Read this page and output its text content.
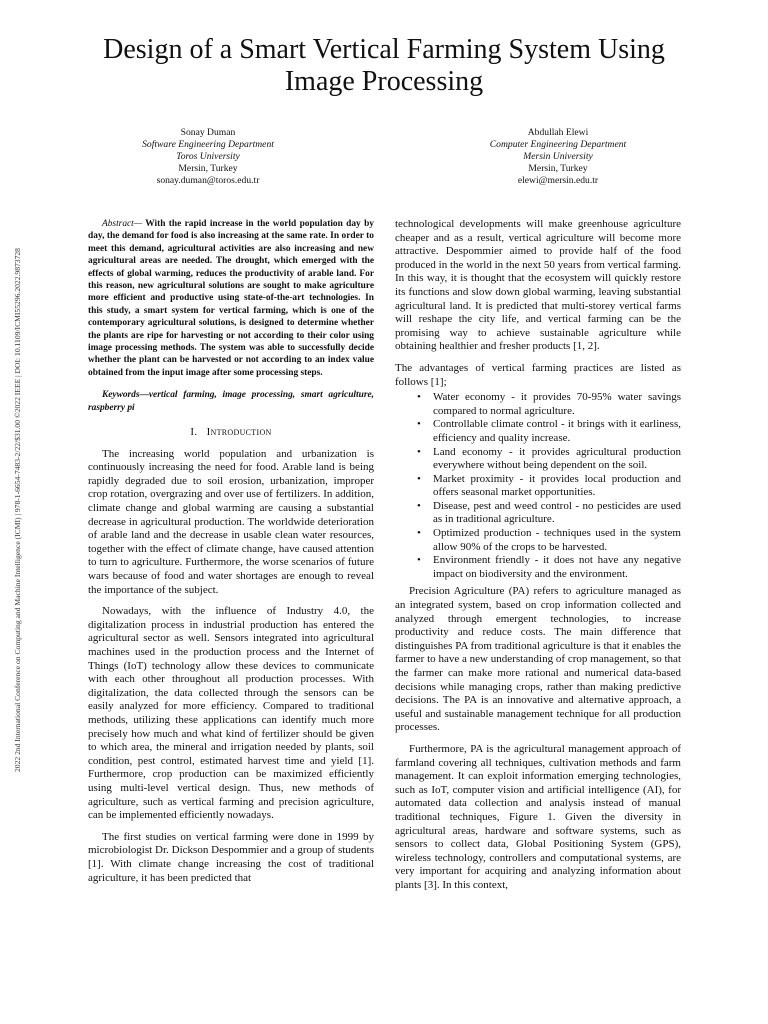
2022 2nd International Conference on Computing and Machine Intelligence (ICMI) | 978-1-6654-7483-2/22/$31.00 ©2022 IEEE | DOI: 10.1109/ICMI55296.2022.9873728
Design of a Smart Vertical Farming System Using Image Processing
Sonay Duman
Software Engineering Department
Toros University
Mersin, Turkey
sonay.duman@toros.edu.tr
Abdullah Elewi
Computer Engineering Department
Mersin University
Mersin, Turkey
elewi@mersin.edu.tr

Abstract— With the rapid increase in the world population day by day, the demand for food is also increasing at the same rate. In order to meet this demand, agricultural activities are also increasing and new agricultural areas are needed. The drought, which emerged with the effects of global warming, reduces the productivity of arable land. For this reason, new agricultural solutions are sought to make agriculture more efficient and productive using state-of-the-art technologies. In this study, a smart system for vertical farming, which is one of the contemporary agricultural solutions, is designed to determine whether the plants are ripe for harvesting or not according to their color using image processing methods. The system was able to successfully decide whether the plant can be harvested or not according to an index value obtained from the input image after some processing steps.

Keywords—vertical farming, image processing, smart agriculture, raspberry pi

I. Introduction

The increasing world population and urbanization is continuously increasing the need for food. Arable land is being rapidly degraded due to soil erosion, urbanization, improper crop rotation, overgrazing and over use of fertilizers. In addition, climate change and global warming are causing a substantial decrease in agricultural production. The worldwide deterioration of arable land and the decrease in usable clean water resources, together with the effect of climate change, have caused attention to turn to agriculture. Furthermore, the worse scenarios of future wars because of food and water shortages are enough to reveal the importance of the subject.

Nowadays, with the influence of Industry 4.0, the digitalization process in industrial production has entered the agricultural sector as well. Sensors integrated into agricultural machines used in the production process and the Internet of Things (IoT) technology allow these devices to communicate with each other throughout all production processes. With digitalization, the data collected through the sensors can be easily analyzed for more efficiency. Compared to traditional methods, utilizing these applications can identify much more precisely how much and what kind of fertilizer should be given to which area, the mineral and irrigation needed by plants, soil condition, pest control, estimated harvest time and yield [1]. Furthermore, crop production can be maximized efficiently using multi-level vertical design. Thus, new methods of agriculture, such as vertical farming and precision agriculture, can be implemented efficiently nowadays.

The first studies on vertical farming were done in 1999 by microbiologist Dr. Dickson Despommier and a group of students [1]. With climate change increasing the cost of traditional agriculture, it has been predicted that

technological developments will make greenhouse agriculture cheaper and as a result, vertical agriculture will become more attractive. Despommier aimed to provide half of the food produced in the world in the next 50 years from vertical farming. In this way, it is thought that the ecosystem will quickly restore its functions and slow down global warming, leaving substantial agricultural land. It is predicted that multi-storey vertical farms will reshape the city life, and vertical farming can be the promising way to achieve sustainable agriculture while obtaining healthier and fresher products [1, 2].

The advantages of vertical farming practices are listed as follows [1];

• Water economy - it provides 70-95% water savings compared to normal agriculture.
• Controllable climate control - it brings with it earliness, efficiency and quality increase.
• Land economy - it provides agricultural production everywhere without being dependent on the soil.
• Market proximity - it provides local production and offers seasonal market opportunities.
• Disease, pest and weed control - no pesticides are used as in traditional agriculture.
• Optimized production - techniques used in the system allow 90% of the crops to be harvested.
• Environment friendly - it does not have any negative impact on biodiversity and the environment.

Precision Agriculture (PA) refers to agriculture managed as an integrated system, based on crop information collected and analyzed through emergent technologies, to increase productivity and reduce costs. The main difference that distinguishes PA from traditional agriculture is that it enables the farmer to have a new understanding of crop management, so that the farmer can make more rational and numerical data-based decisions while managing crops, rather than making predictive decisions. The PA is an innovative and alternative approach, a useful and sustainable management technique for all production processes.

Furthermore, PA is the agricultural management approach of farmland covering all techniques, cultivation methods and farm management. It can exploit information emerging technologies, such as IoT, computer vision and artificial intelligence (AI), for automated data collection and analysis instead of manual traditional techniques, Figure 1. Given the diversity in agricultural areas, hardware and software systems, such as sensors to collect data, Global Positioning System (GPS), wireless technology, controllers and computational systems, are very important for acquiring and analyzing information about plants [3]. In this context,
